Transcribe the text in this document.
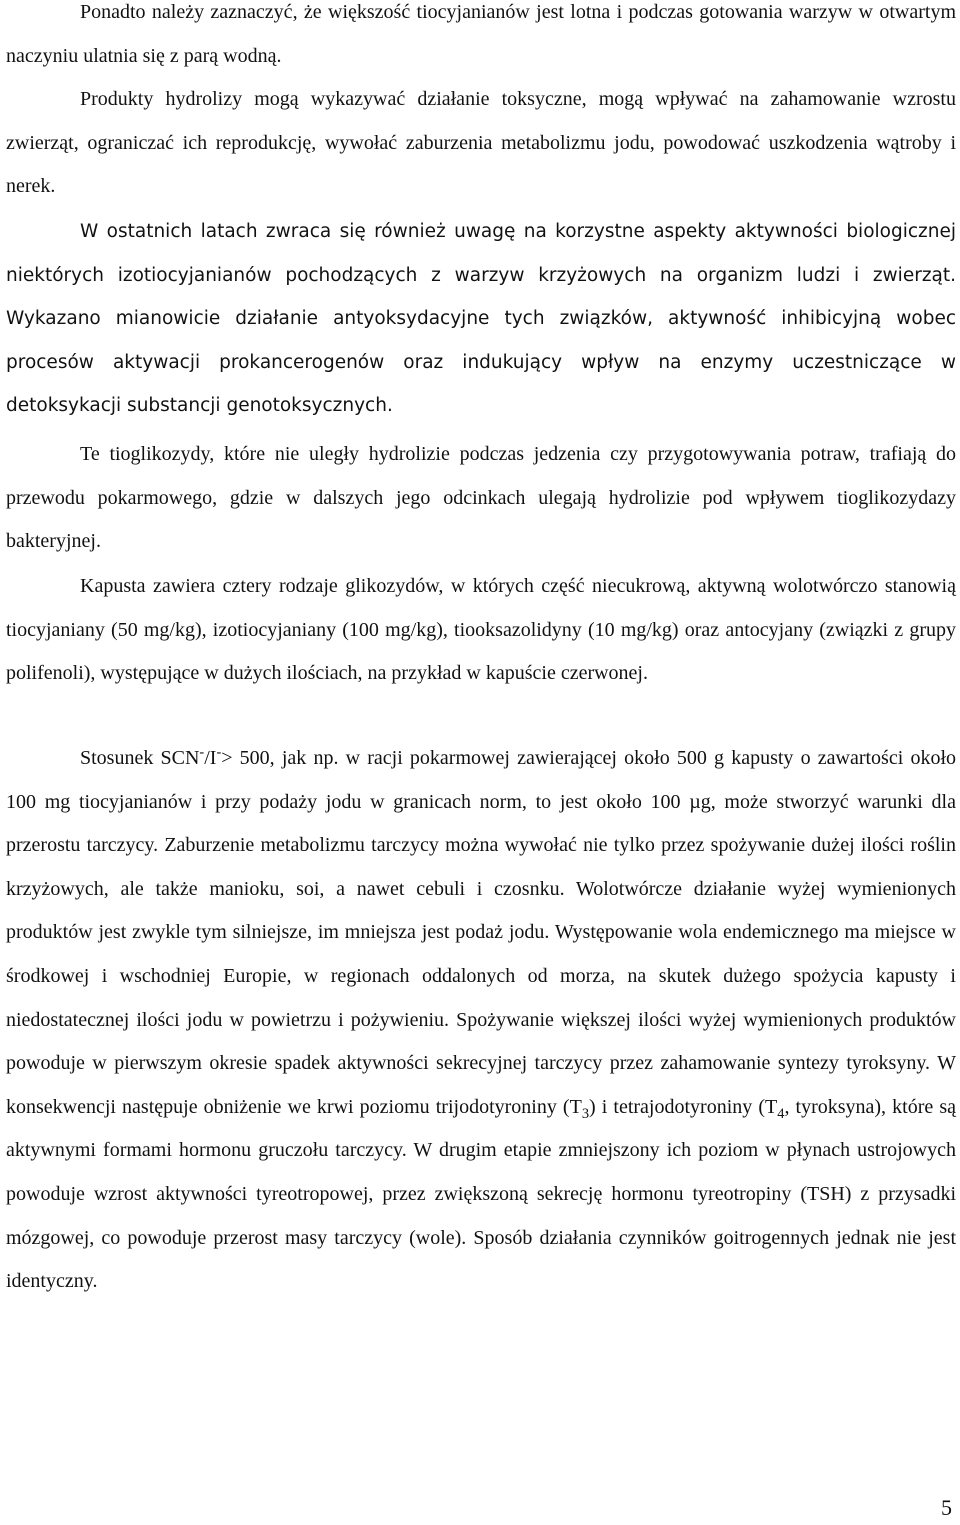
Ponadto należy zaznaczyć, że większość tiocyjanianów jest lotna i podczas gotowania warzyw w otwartym naczyniu ulatnia się z parą wodną.

Produkty hydrolizy mogą wykazywać działanie toksyczne, mogą wpływać na zahamowanie wzrostu zwierząt, ograniczać ich reprodukcję, wywołać zaburzenia metabolizmu jodu, powodować uszkodzenia wątroby i nerek.

W ostatnich latach zwraca się również uwagę na korzystne aspekty aktywności biologicznej niektórych izotiocyjanianów pochodzących z warzyw krzyżowych na organizm ludzi i zwierząt. Wykazano mianowicie działanie antyoksydacyjne tych związków, aktywność inhibicyjną wobec procesów aktywacji prokancerogenów oraz indukujący wpływ na enzymy uczestniczące w detoksykacji substancji genotoksycznych.

Te tioglikozydy, które nie uległy hydrolizie podczas jedzenia czy przygotowywania potraw, trafiają do przewodu pokarmowego, gdzie w dalszych jego odcinkach ulegają hydrolizie pod wpływem tioglikozydazy bakteryjnej.

Kapusta zawiera cztery rodzaje glikozydów, w których część niecukrową, aktywną wolotwórczo stanowią tiocyjaniany (50 mg/kg), izotiocyjaniany (100 mg/kg), tiooksazolidyny (10 mg/kg) oraz antocyjany (związki z grupy polifenoli), występujące w dużych ilościach, na przykład w kapuście czerwonej.

Stosunek SCN-/I-> 500, jak np. w racji pokarmowej zawierającej około 500 g kapusty o zawartości około 100 mg tiocyjanianów i przy podaży jodu w granicach norm, to jest około 100 µg, może stworzyć warunki dla przerostu tarczycy. Zaburzenie metabolizmu tarczycy można wywołać nie tylko przez spożywanie dużej ilości roślin krzyżowych, ale także manioku, soi, a nawet cebuli i czosnku. Wolotwórcze działanie wyżej wymienionych produktów jest zwykle tym silniejsze, im mniejsza jest podaż jodu. Występowanie wola endemicznego ma miejsce w środkowej i wschodniej Europie, w regionach oddalonych od morza, na skutek dużego spożycia kapusty i niedostatecznej ilości jodu w powietrzu i pożywieniu. Spożywanie większej ilości wyżej wymienionych produktów powoduje w pierwszym okresie spadek aktywności sekrecyjnej tarczycy przez zahamowanie syntezy tyroksyny. W konsekwencji następuje obniżenie we krwi poziomu trijodotyroniny $(T_3)$ i tetrajodotyroniny ($T_4$, tyroksyna), które są aktywnymi formami hormonu gruczołu tarczycy. W drugim etapie zmniejszony ich poziom w płynach ustrojowych powoduje wzrost aktywności tyreotropowej, przez zwiększoną sekrecję hormonu tyreotropiny (TSH) z przysadki mózgowej, co powoduje przerost masy tarczycy (wole). Sposób działania czynników goitrogennych jednak nie jest identyczny.

5
